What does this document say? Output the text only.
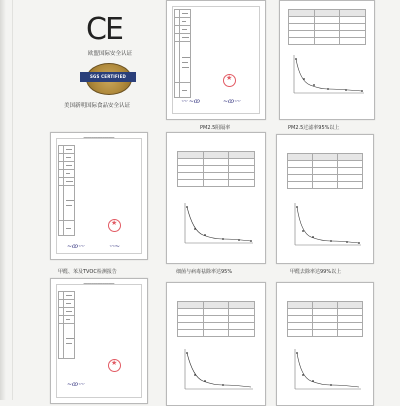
CE
欧盟国际安全认证
SGS CERTIFIED
美国新明国际食品安全认证

★
〰 ~ꝏ	~ꝏ〰

PM2.5阻隔率	PM2.5过滤率95%以上
━━━━━━━━━━━━━━━━

★
~ꝏ〰	〰~

甲醛、苯及TVOC检测报告	细菌与病毒祛除率达95%	甲醛去除率达99%以上
━━━━━━━━━━━━━━━━

★
~ꝏ〰
